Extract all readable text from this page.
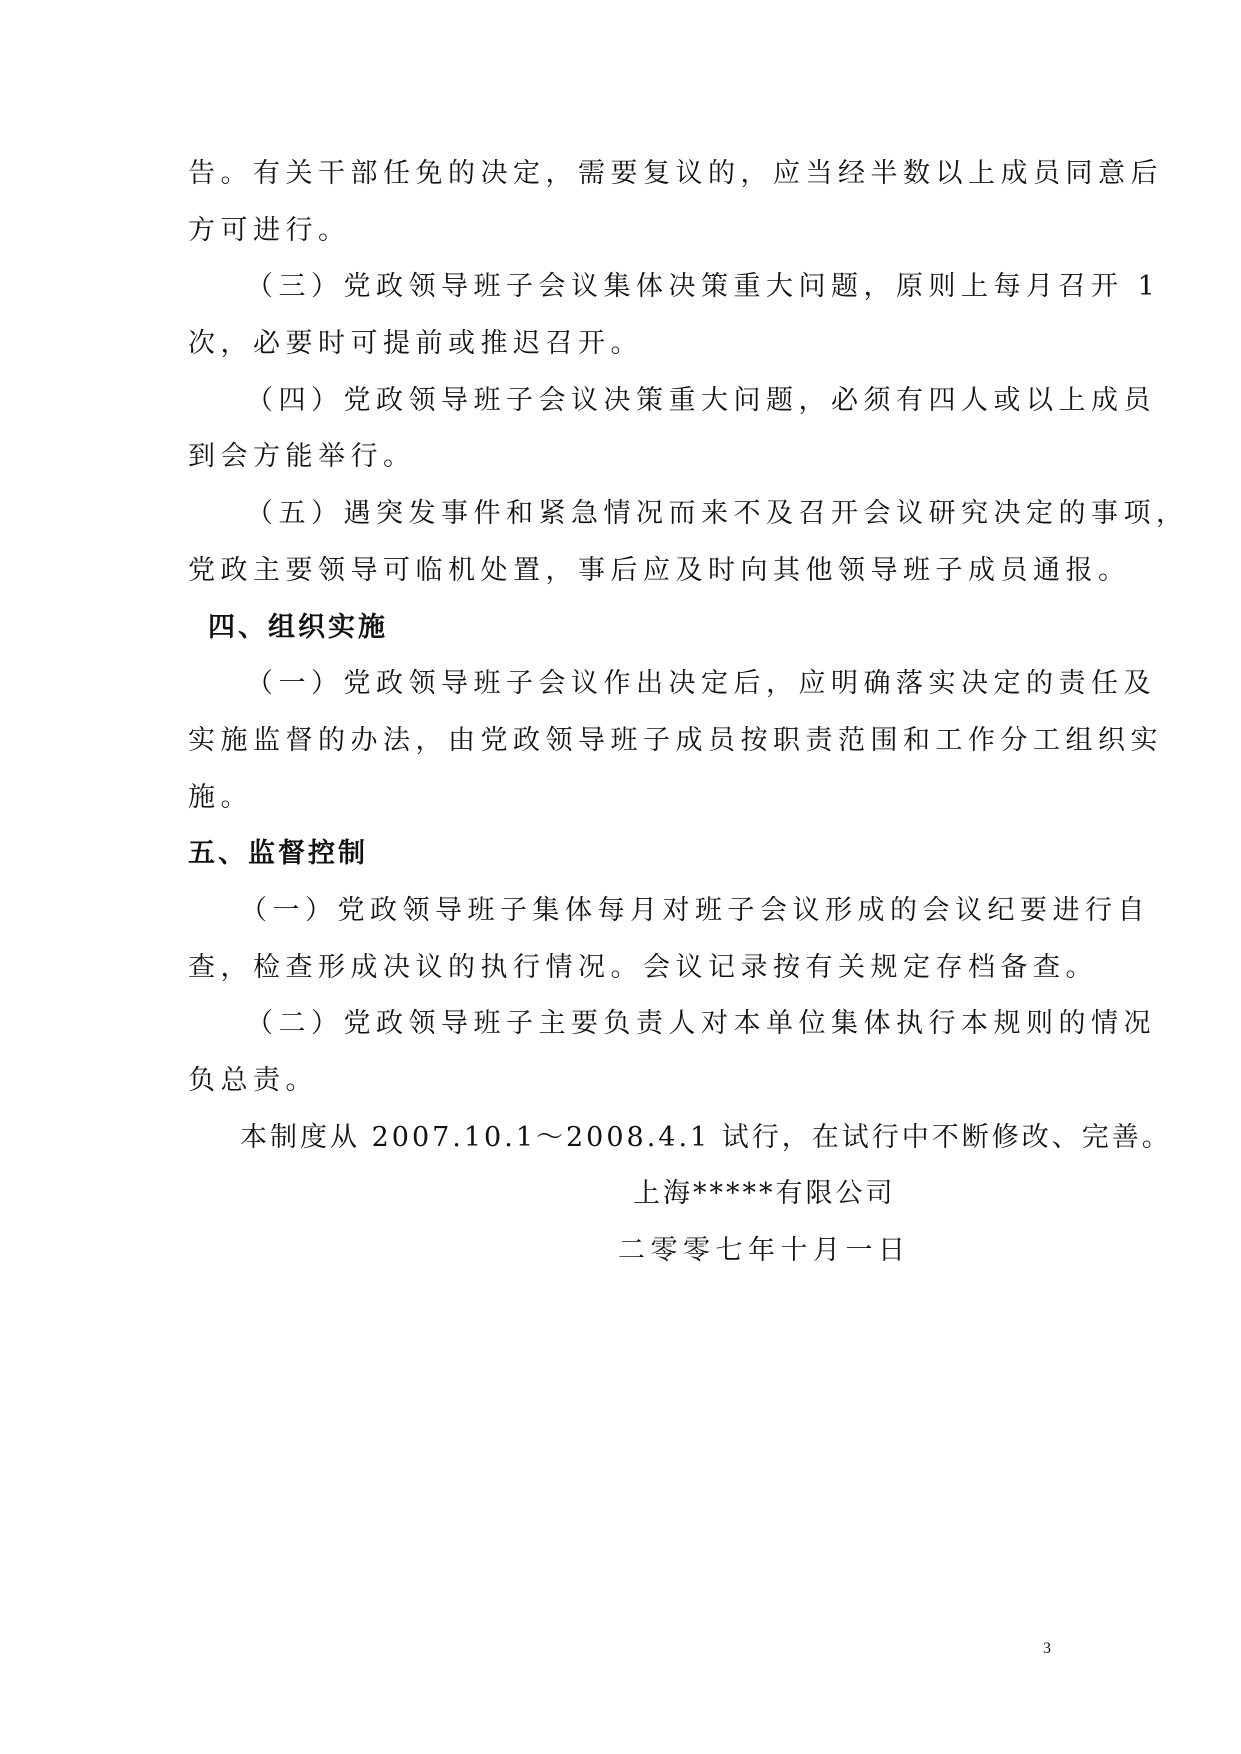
告。有关干部任免的决定，需要复议的，应当经半数以上成员同意后
方可进行。
（三）党政领导班子会议集体决策重大问题，原则上每月召开 1
次，必要时可提前或推迟召开。
（四）党政领导班子会议决策重大问题，必须有四人或以上成员
到会方能举行。
（五）遇突发事件和紧急情况而来不及召开会议研究决定的事项，
党政主要领导可临机处置，事后应及时向其他领导班子成员通报。
四、组织实施
（一）党政领导班子会议作出决定后，应明确落实决定的责任及
实施监督的办法，由党政领导班子成员按职责范围和工作分工组织实
施。
五、监督控制
（一）党政领导班子集体每月对班子会议形成的会议纪要进行自
查，检查形成决议的执行情况。会议记录按有关规定存档备查。
（二）党政领导班子主要负责人对本单位集体执行本规则的情况
负总责。
本制度从 2007.10.1～2008.4.1 试行，在试行中不断修改、完善。
上海*****有限公司
二零零七年十月一日
3
